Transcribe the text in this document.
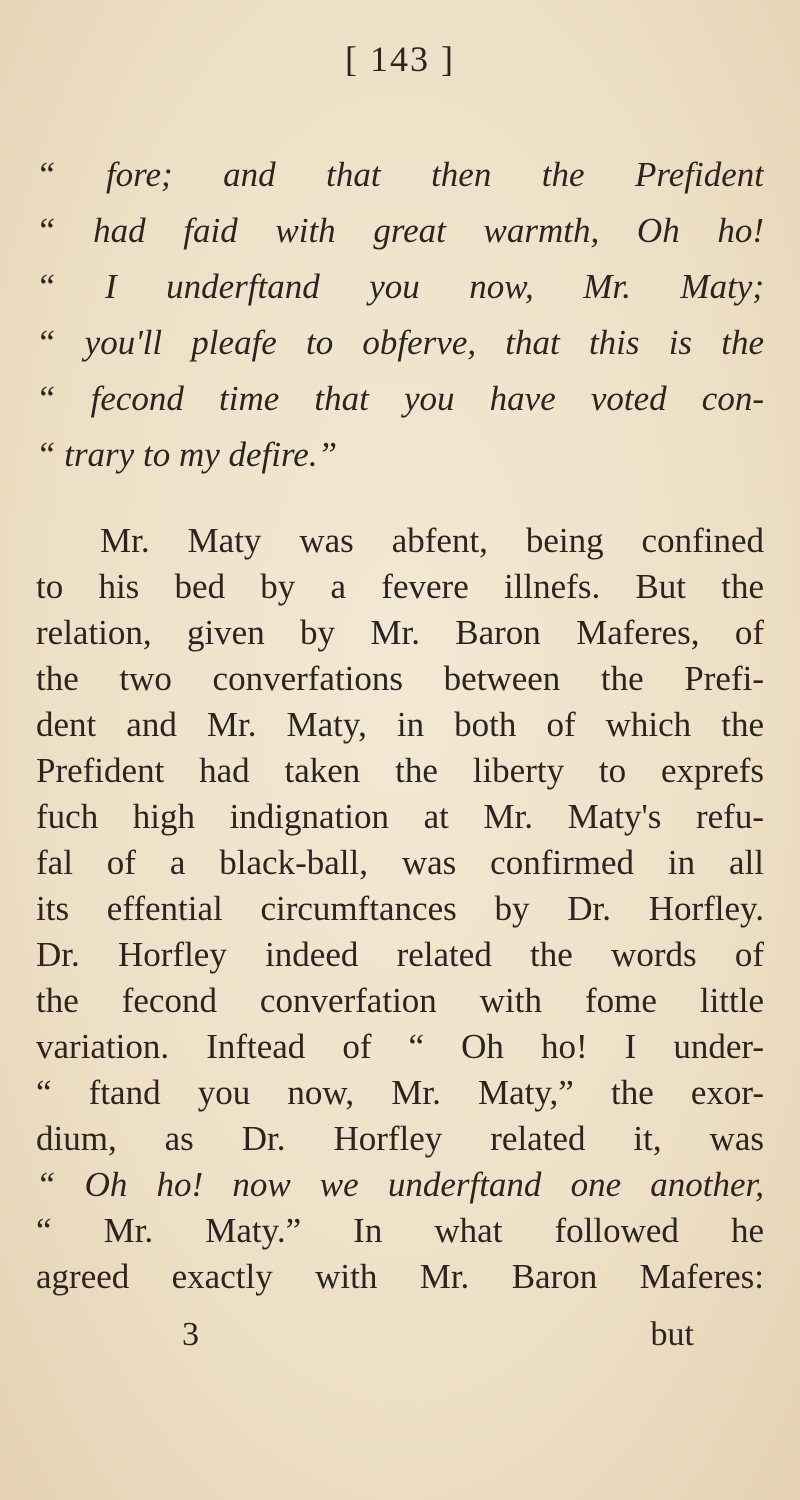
[ 143 ]
“ fore; and that then the Prefident
“ had faid with great warmth, Oh ho!
“ I underftand you now, Mr. Maty;
“ you'll pleafe to obferve, that this is the
“ fecond time that you have voted con-
“ trary to my defire.”
Mr. Maty was abfent, being confined
to his bed by a fevere illnefs. But the
relation, given by Mr. Baron Maferes, of
the two converfations between the Prefi-
dent and Mr. Maty, in both of which the
Prefident had taken the liberty to exprefs
fuch high indignation at Mr. Maty's refu-
fal of a black-ball, was confirmed in all
its effential circumftances by Dr. Horfley.
Dr. Horfley indeed related the words of
the fecond converfation with fome little
variation. Inftead of “ Oh ho! I under-
“ ftand you now, Mr. Maty,” the exor-
dium, as Dr. Horfley related it, was
“ Oh ho! now we underftand one another,
“ Mr. Maty.” In what followed he
agreed exactly with Mr. Baron Maferes:
3	but
